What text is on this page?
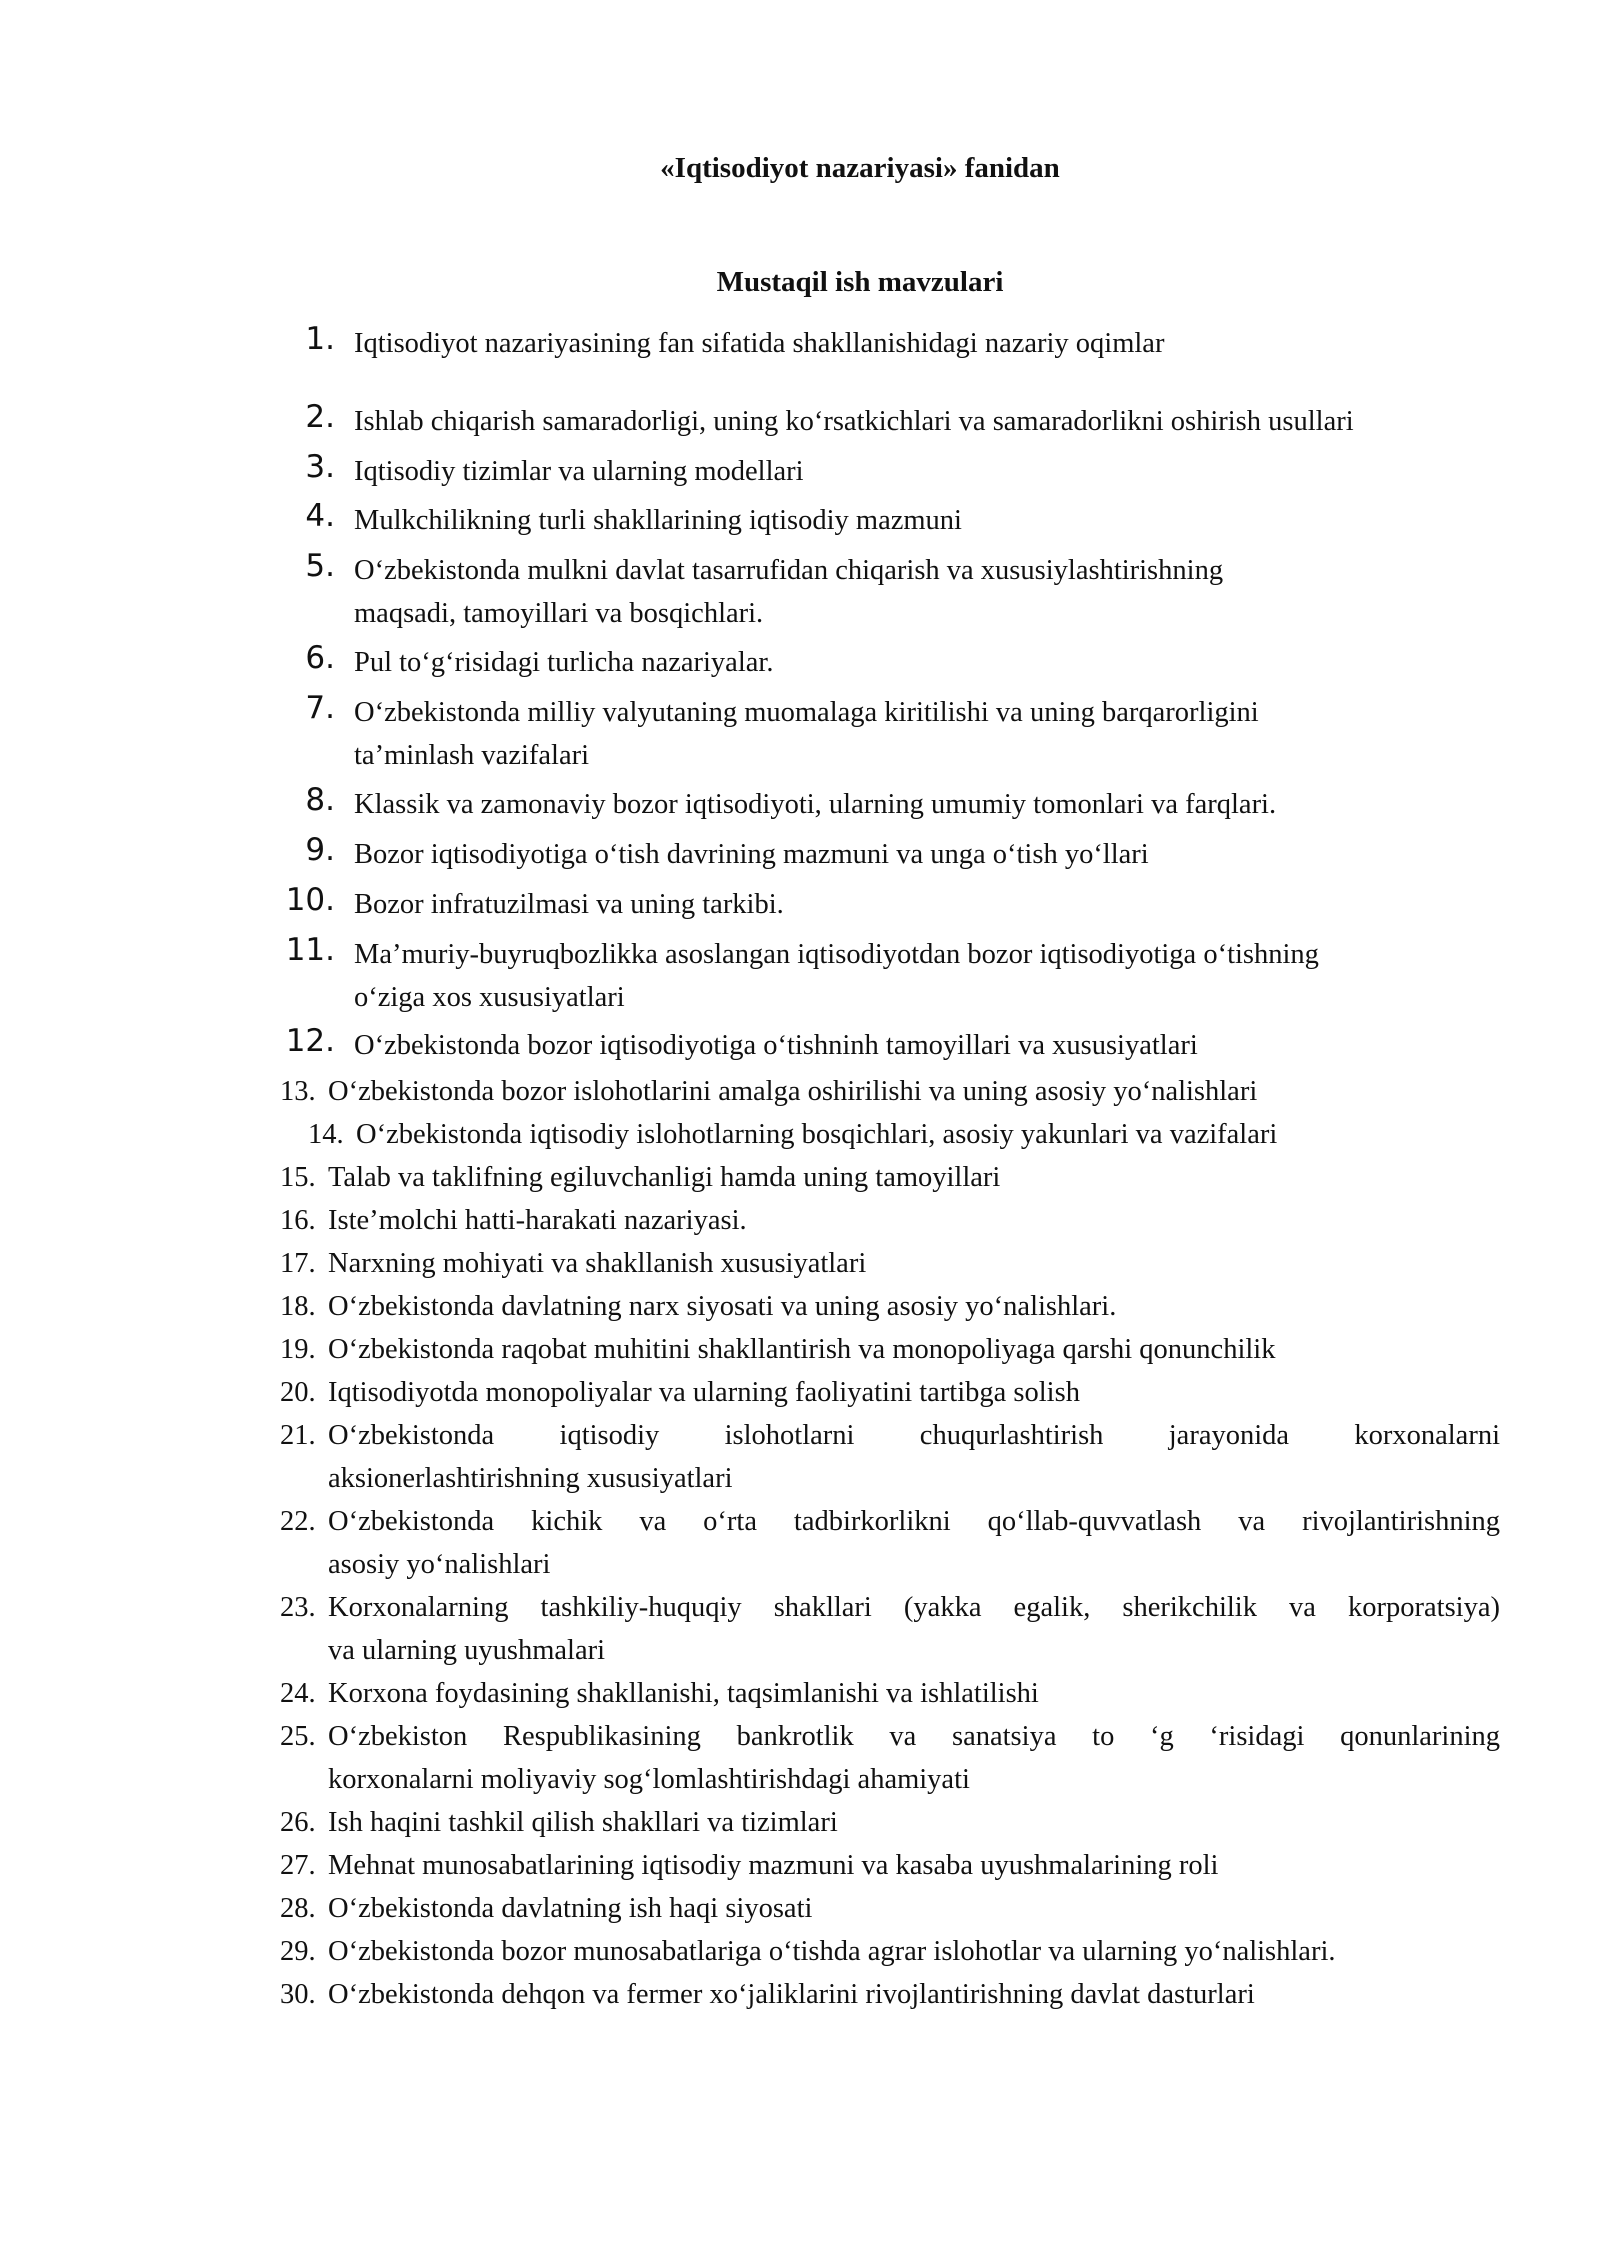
«Iqtisodiyot nazariyasi» fanidan
Mustaqil ish mavzulari
1. Iqtisodiyot nazariyasining fan sifatida shakllanishidagi nazariy oqimlar
2. Ishlab chiqarish samaradorligi, uning ko‘rsatkichlari va samaradorlikni oshirish usullari
3. Iqtisodiy tizimlar va ularning modellari
4. Mulkchilikning turli shakllarining iqtisodiy mazmuni
5. O‘zbekistonda mulkni davlat tasarrufidan chiqarish va xususiylashtirishning
maqsadi, tamoyillari va bosqichlari.
6. Pul to‘g‘risidagi turlicha nazariyalar.
7. O‘zbekistonda milliy valyutaning muomalaga kiritilishi va uning barqarorligini
ta’minlash vazifalari
8. Klassik va zamonaviy bozor iqtisodiyoti, ularning umumiy tomonlari va farqlari.
9. Bozor iqtisodiyotiga o‘tish davrining mazmuni va unga o‘tish yo‘llari
10. Bozor infratuzilmasi va uning tarkibi.
11. Ma’muriy-buyruqbozlikka asoslangan iqtisodiyotdan bozor iqtisodiyotiga o‘tishning
o‘ziga xos xususiyatlari
12. O‘zbekistonda bozor iqtisodiyotiga o‘tishninh tamoyillari va xususiyatlari
13. O‘zbekistonda bozor islohotlarini amalga oshirilishi va uning asosiy yo‘nalishlari
14. O‘zbekistonda iqtisodiy islohotlarning bosqichlari, asosiy yakunlari va vazifalari
15. Talab va taklifning egiluvchanligi hamda uning tamoyillari
16. Iste’molchi hatti-harakati nazariyasi.
17. Narxning mohiyati va shakllanish xususiyatlari
18. O‘zbekistonda davlatning narx siyosati va uning asosiy yo‘nalishlari.
19. O‘zbekistonda raqobat muhitini shakllantirish va monopoliyaga qarshi qonunchilik
20. Iqtisodiyotda monopoliyalar va ularning faoliyatini tartibga solish
21. O‘zbekistonda iqtisodiy islohotlarni chuqurlashtirish jarayonida korxonalarni
aksionerlashtirishning xususiyatlari
22. O‘zbekistonda kichik va o‘rta tadbirkorlikni qo‘llab-quvvatlash va rivojlantirishning
asosiy yo‘nalishlari
23. Korxonalarning tashkiliy-huquqiy shakllari (yakka egalik, sherikchilik va korporatsiya)
va ularning uyushmalari
24. Korxona foydasining shakllanishi, taqsimlanishi va ishlatilishi
25. O‘zbekiston Respublikasining bankrotlik va sanatsiya to ‘g ‘risidagi qonunlarining
korxonalarni moliyaviy sog‘lomlashtirishdagi ahamiyati
26. Ish haqini tashkil qilish shakllari va tizimlari
27. Mehnat munosabatlarining iqtisodiy mazmuni va kasaba uyushmalarining roli
28. O‘zbekistonda davlatning ish haqi siyosati
29. O‘zbekistonda bozor munosabatlariga o‘tishda agrar islohotlar va ularning yo‘nalishlari.
30. O‘zbekistonda dehqon va fermer xo‘jaliklarini rivojlantirishning davlat dasturlari
